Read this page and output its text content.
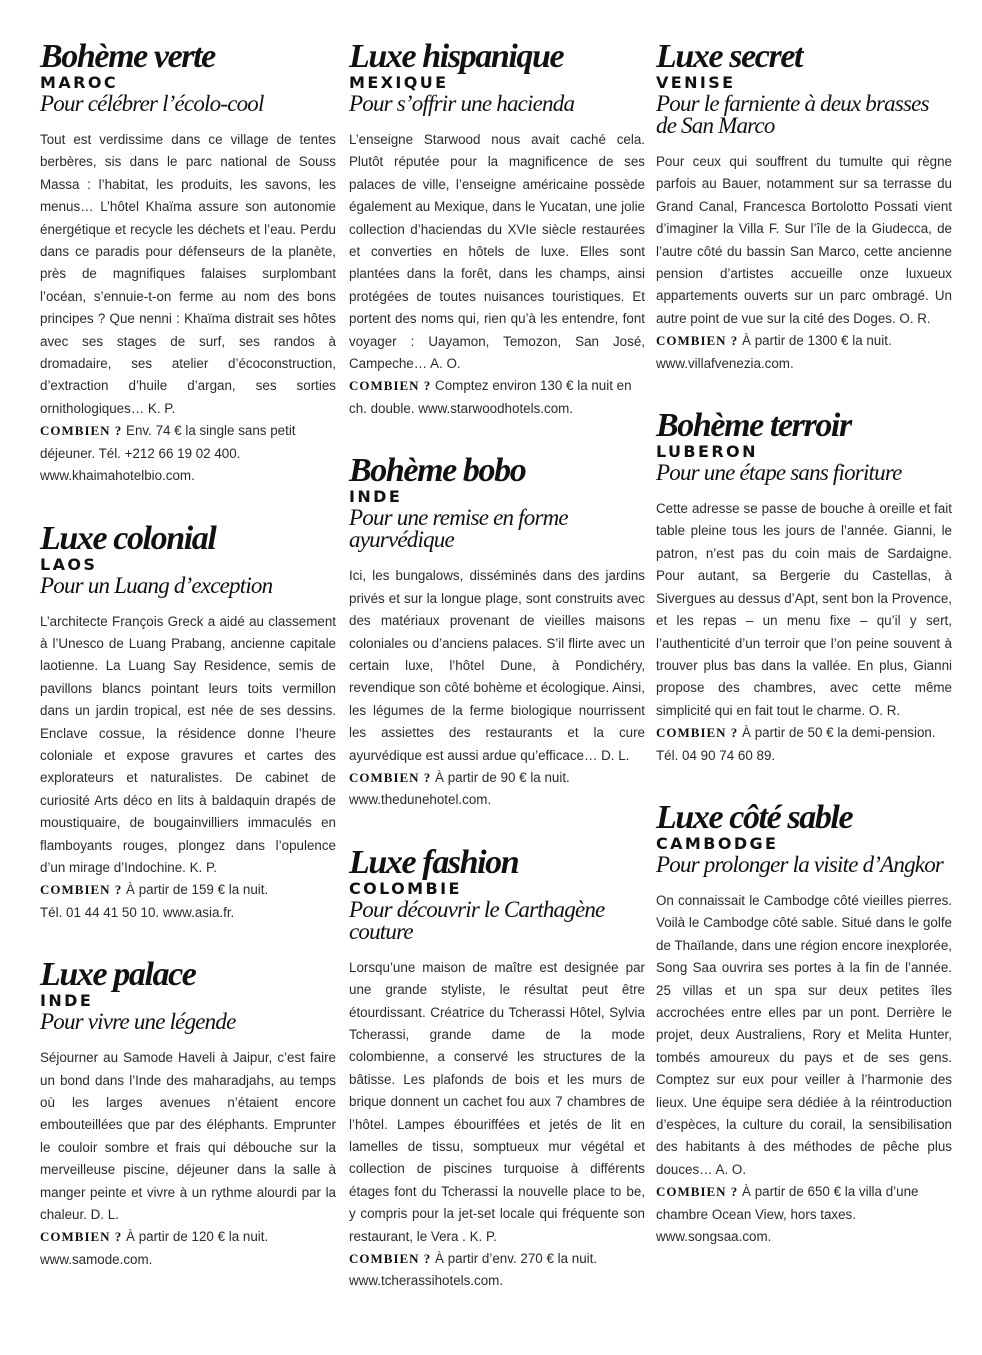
Bohème verte
MAROC
Pour célébrer l’écolo-cool

Tout est verdissime dans ce village de tentes berbères, sis dans le parc national de Souss Massa : l’habitat, les produits, les savons, les menus… L’hôtel Khaïma assure son autonomie énergétique et recycle les déchets et l’eau. Perdu dans ce paradis pour défenseurs de la planète, près de magnifiques falaises surplombant l’océan, s’ennuie-t-on ferme au nom des bons principes ? Que nenni : Khaïma distrait ses hôtes avec ses stages de surf, ses randos à dromadaire, ses atelier d’écoconstruction, d’extraction d’huile d’argan, ses sorties ornithologiques… K. P.

COMBIEN ? Env. 74 € la single sans petit déjeuner. Tél. +212 66 19 02 400.

www.khaimahotelbio.com.

Luxe colonial
LAOS
Pour un Luang d’exception

L’architecte François Greck a aidé au classement à l’Unesco de Luang Prabang, ancienne capitale laotienne. La Luang Say Residence, semis de pavillons blancs pointant leurs toits vermillon dans un jardin tropical, est née de ses dessins. Enclave cossue, la résidence donne l’heure coloniale et expose gravures et cartes des explorateurs et naturalistes. De cabinet de curiosité Arts déco en lits à baldaquin drapés de moustiquaire, de bougainvilliers immaculés en flamboyants rouges, plongez dans l’opulence d’un mirage d’Indochine. K. P.

COMBIEN ? À partir de 159 € la nuit.

Tél. 01 44 41 50 10. www.asia.fr.

Luxe palace
INDE
Pour vivre une légende

Séjourner au Samode Haveli à Jaipur, c’est faire un bond dans l’Inde des maharadjahs, au temps où les larges avenues n’étaient encore embouteillées que par des éléphants. Emprunter le couloir sombre et frais qui débouche sur la merveilleuse piscine, déjeuner dans la salle à manger peinte et vivre à un rythme alourdi par la chaleur. D. L.

COMBIEN ? À partir de 120 € la nuit.

www.samode.com.

Luxe hispanique
MEXIQUE
Pour s’offrir une hacienda

L’enseigne Starwood nous avait caché cela. Plutôt réputée pour la magnificence de ses palaces de ville, l’enseigne américaine possède également au Mexique, dans le Yucatan, une jolie collection d’haciendas du XVIe siècle restaurées et converties en hôtels de luxe. Elles sont plantées dans la forêt, dans les champs, ainsi protégées de toutes nuisances touristiques. Et portent des noms qui, rien qu’à les entendre, font voyager : Uayamon, Temozon, San José, Campeche… A. O.

COMBIEN ? Comptez environ 130 € la nuit en ch. double. www.starwoodhotels.com.

Bohème bobo
INDE
Pour une remise en forme ayurvédique

Ici, les bungalows, disséminés dans des jardins privés et sur la longue plage, sont construits avec des matériaux provenant de vieilles maisons coloniales ou d’anciens palaces. S’il flirte avec un certain luxe, l’hôtel Dune, à Pondichéry, revendique son côté bohème et écologique. Ainsi, les légumes de la ferme biologique nourrissent les assiettes des restaurants et la cure ayurvédique est aussi ardue qu’efficace… D. L.

COMBIEN ? À partir de 90 € la nuit.

www.thedunehotel.com.

Luxe fashion
COLOMBIE
Pour découvrir le Carthagène couture

Lorsqu’une maison de maître est designée par une grande styliste, le résultat peut être étourdissant. Créatrice du Tcherassi Hôtel, Sylvia Tcherassi, grande dame de la mode colombienne, a conservé les structures de la bâtisse. Les plafonds de bois et les murs de brique donnent un cachet fou aux 7 chambres de l’hôtel. Lampes ébouriffées et jetés de lit en lamelles de tissu, somptueux mur végétal et collection de piscines turquoise à différents étages font du Tcherassi la nouvelle place to be, y compris pour la jet-set locale qui fréquente son restaurant, le Vera . K. P.

COMBIEN ? À partir d’env. 270 € la nuit.

www.tcherassihotels.com.

Luxe secret
VENISE
Pour le farniente à deux brasses de San Marco

Pour ceux qui souffrent du tumulte qui règne parfois au Bauer, notamment sur sa terrasse du Grand Canal, Francesca Bortolotto Possati vient d’imaginer la Villa F. Sur l’île de la Giudecca, de l’autre côté du bassin San Marco, cette ancienne pension d’artistes accueille onze luxueux appartements ouverts sur un parc ombragé. Un autre point de vue sur la cité des Doges. O. R.

COMBIEN ? À partir de 1300 € la nuit.

www.villafvenezia.com.

Bohème terroir
LUBERON
Pour une étape sans fioriture

Cette adresse se passe de bouche à oreille et fait table pleine tous les jours de l’année. Gianni, le patron, n’est pas du coin mais de Sardaigne. Pour autant, sa Bergerie du Castellas, à Sivergues au dessus d’Apt, sent bon la Provence, et les repas – un menu fixe – qu’il y sert, l’authenticité d’un terroir que l’on peine souvent à trouver plus bas dans la vallée. En plus, Gianni propose des chambres, avec cette même simplicité qui en fait tout le charme. O. R.

COMBIEN ? À partir de 50 € la demi-pension. Tél. 04 90 74 60 89.

Luxe côté sable
CAMBODGE
Pour prolonger la visite d’Angkor

On connaissait le Cambodge côté vieilles pierres. Voilà le Cambodge côté sable. Situé dans le golfe de Thaïlande, dans une région encore inexplorée, Song Saa ouvrira ses portes à la fin de l’année. 25 villas et un spa sur deux petites îles accrochées entre elles par un pont. Derrière le projet, deux Australiens, Rory et Melita Hunter, tombés amoureux du pays et de ses gens. Comptez sur eux pour veiller à l’harmonie des lieux. Une équipe sera dédiée à la réintroduction d’espèces, la culture du corail, la sensibilisation des habitants à des méthodes de pêche plus douces… A. O.

COMBIEN ? À partir de 650 € la villa d’une chambre Ocean View, hors taxes.

www.songsaa.com.
